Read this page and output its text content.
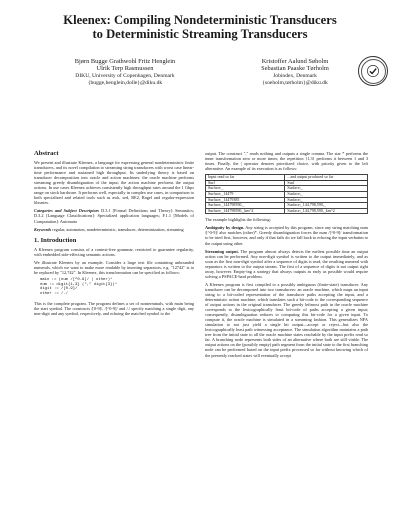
Kleenex: Compiling Nondeterministic Transducers
to Deterministic Streaming Transducers
Bjørn Bugge Grathwohl Fritz Henglein
Ulrik Terp Rasmussen
DIKU, University of Copenhagen, Denmark
{bugge,henglein,dolle}@diku.dk
Kristoffer Aalund Søholm
Sebastian Paaske Tørholm
Jobindex, Denmark
{soeholm,tørholm}@diku.dk
Abstract

We present and illustrate Kleenex, a language for expressing general nondeterministic finite transducers, and its novel compilation to streaming string transducers with worst case linear-time performance and sustained high throughput. Its underlying theory is based on transducer decomposition into oracle and action machines: the oracle machine performs streaming greedy disambiguation of the input; the action machine performs the output actions. In use cases Kleenex achieves consistently high throughput rates around the 1 Gbps range on stock hardware. It performs well, especially in complex use cases, in comparison to both specialized and related tools such as awk, sed, RE2, Ragel and regular-expression libraries.

Categories and Subject Descriptors D.3.1 [Formal Definitions and Theory]: Semantics; D.3.2 [Language Classifications]: Specialized application languages; F.1.1 [Models of Computation]: Automata

Keywords regular, automaton, nondeterministic, transducer, determinization, streaming

1. Introduction

A Kleenex program consists of a context-free grammar, restricted to guarantee regularity, with embedded side-effecting semantic actions.

We illustrate Kleenex by an example. Consider a large text file containing unbounded numerals, which we want to make more readable by inserting separators, e.g. "12742" is to be replaced by "12,742". In Kleenex, this transformation can be specified as follows:

main := (num /[^0-9]/ | other)*
num := digit{1,3} ("," digit{3})*
digit := /[0-9]/
other := /./

This is the complete program. The program defines a set of nonterminals, with main being the start symbol. The constructs /[0-9]/, /[^0-9]/ and /./ specify matching a single digit, any non-digit and any symbol, respectively, and echoing the matched symbol to the

output. The construct "," reads nothing and outputs a single comma. The star * performs the inner transformation zero or more times; the repetition {1,3} performs it between 1 and 3 times. Finally, the | operator denotes prioritized choice, with priority given to the left alternative. An example of its execution is as follows:

Input read so far	...and output produced so far
Surf	Surf
Surface;_	Surface;_
Surface;_14479	Surface;_
Surface;_14479385	Surface;_
Surface;_144798590,_	Surface;_144,798,590,_
Surface;_144798590,_km^2	Surface;_144,798,590,_km^2

The example highlights the following:

Ambiguity by design. Any string is accepted by this program, since any string matching num /[^0-9]/ also matches (other)*. Greedy disambiguation forces the num /[^0-9]/ transformation to be tried first, however, and only if that fails do we fall back to echoing the input verbatim to the output using other.
Streaming output. The program almost always detects the earliest possible time an output action can be performed. Any non-digit symbol is written to the output immediately, and as soon as the first non-digit symbol after a sequence of digits is read, the resulting numeral with separators is written to the output stream. The first of a sequence of digits is not output right away, however. Empty-ing a strategy that always outputs as early as possible would require solving a PSPACE-hard problem.

A Kleenex program is first compiled to a possibly ambiguous (finite-state) transducer. Any transducer can be decomposed into two transducers: an oracle machine, which maps an input string to a bit-coded representation of the transducer paths accepting the input, and a deterministic action machine, which translates such a bit-code to the corresponding sequence of output actions in the original transducer. The greedy leftmost path in the oracle machine corresponds to the lexicographically least bit-code of paths accepting a given input; consequently, disambiguation reduces to computing this bit-code for a given input. To compute it, the oracle machine is simulated in a streaming fashion. This generalizes NFA simulation to not just yield a single bit output—accept or reject—but also the lexicographically least path witnessing acceptance. The simulation algorithm maintains a path tree from the initial state to all the oracle machine states reachable by the input prefix read so far. A branching node represents both sides of an alternative where both are still viable. The output actions on the (possibly empty) path segment from the initial state to the first branching node can be performed based on the input prefix processed so far without knowing which of the presently reached states will eventually accept
